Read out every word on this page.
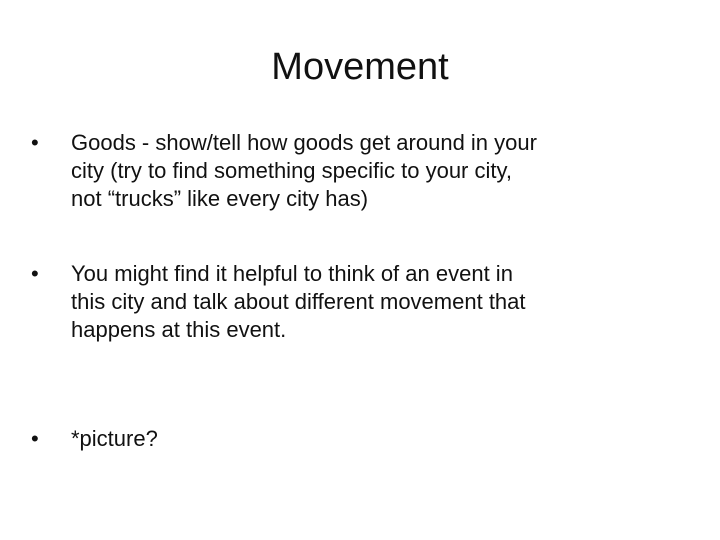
Movement
•	Goods - show/tell how goods get around in your
city (try to find something specific to your city,
not “trucks” like every city has)
•	You might find it helpful to think of an event in
this city and talk about different movement that
happens at this event.
•	*picture?
